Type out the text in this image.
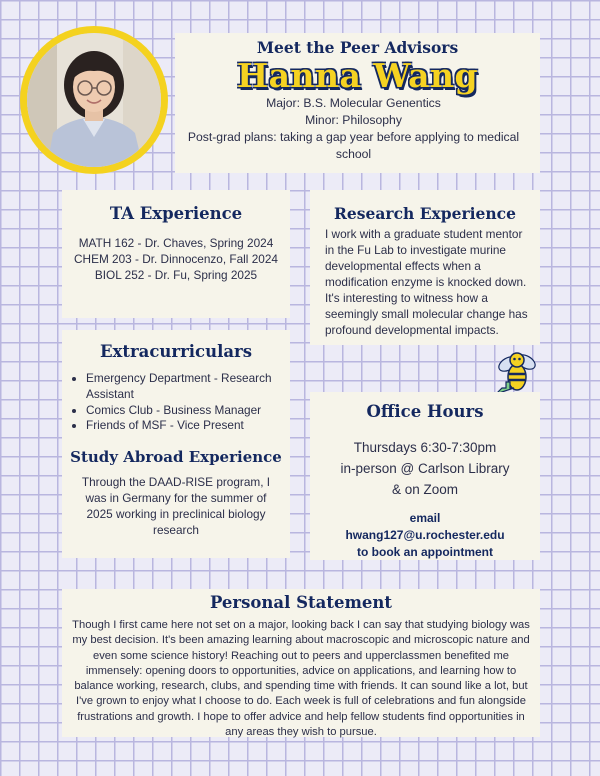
Meet the Peer Advisors
Hanna Wang
Major: B.S. Molecular Genentics
Minor: Philosophy
Post-grad plans: taking a gap year before applying to medical school
TA Experience
MATH 162 - Dr. Chaves, Spring 2024
CHEM 203 - Dr. Dinnocenzo, Fall 2024
BIOL 252 - Dr. Fu, Spring 2025
Research Experience
I work with a graduate student mentor in the Fu Lab to investigate murine developmental effects when a modification enzyme is knocked down. It's interesting to witness how a seemingly small molecular change has profound developmental impacts.
Extracurriculars
• Emergency Department - Research Assistant
• Comics Club - Business Manager
• Friends of MSF - Vice Present
Study Abroad Experience
Through the DAAD-RISE program, I was in Germany for the summer of 2025 working in preclinical biology research
Office Hours
Thursdays 6:30-7:30pm
in-person @ Carlson Library
& on Zoom
email
hwang127@u.rochester.edu
to book an appointment
Personal Statement
Though I first came here not set on a major, looking back I can say that studying biology was my best decision. It's been amazing learning about macroscopic and microscopic nature and even some science history! Reaching out to peers and upperclassmen benefited me immensely: opening doors to opportunities, advice on applications, and learning how to balance working, research, clubs, and spending time with friends. It can sound like a lot, but I've grown to enjoy what I choose to do. Each week is full of celebrations and fun alongside frustrations and growth. I hope to offer advice and help fellow students find opportunities in any areas they wish to pursue.
